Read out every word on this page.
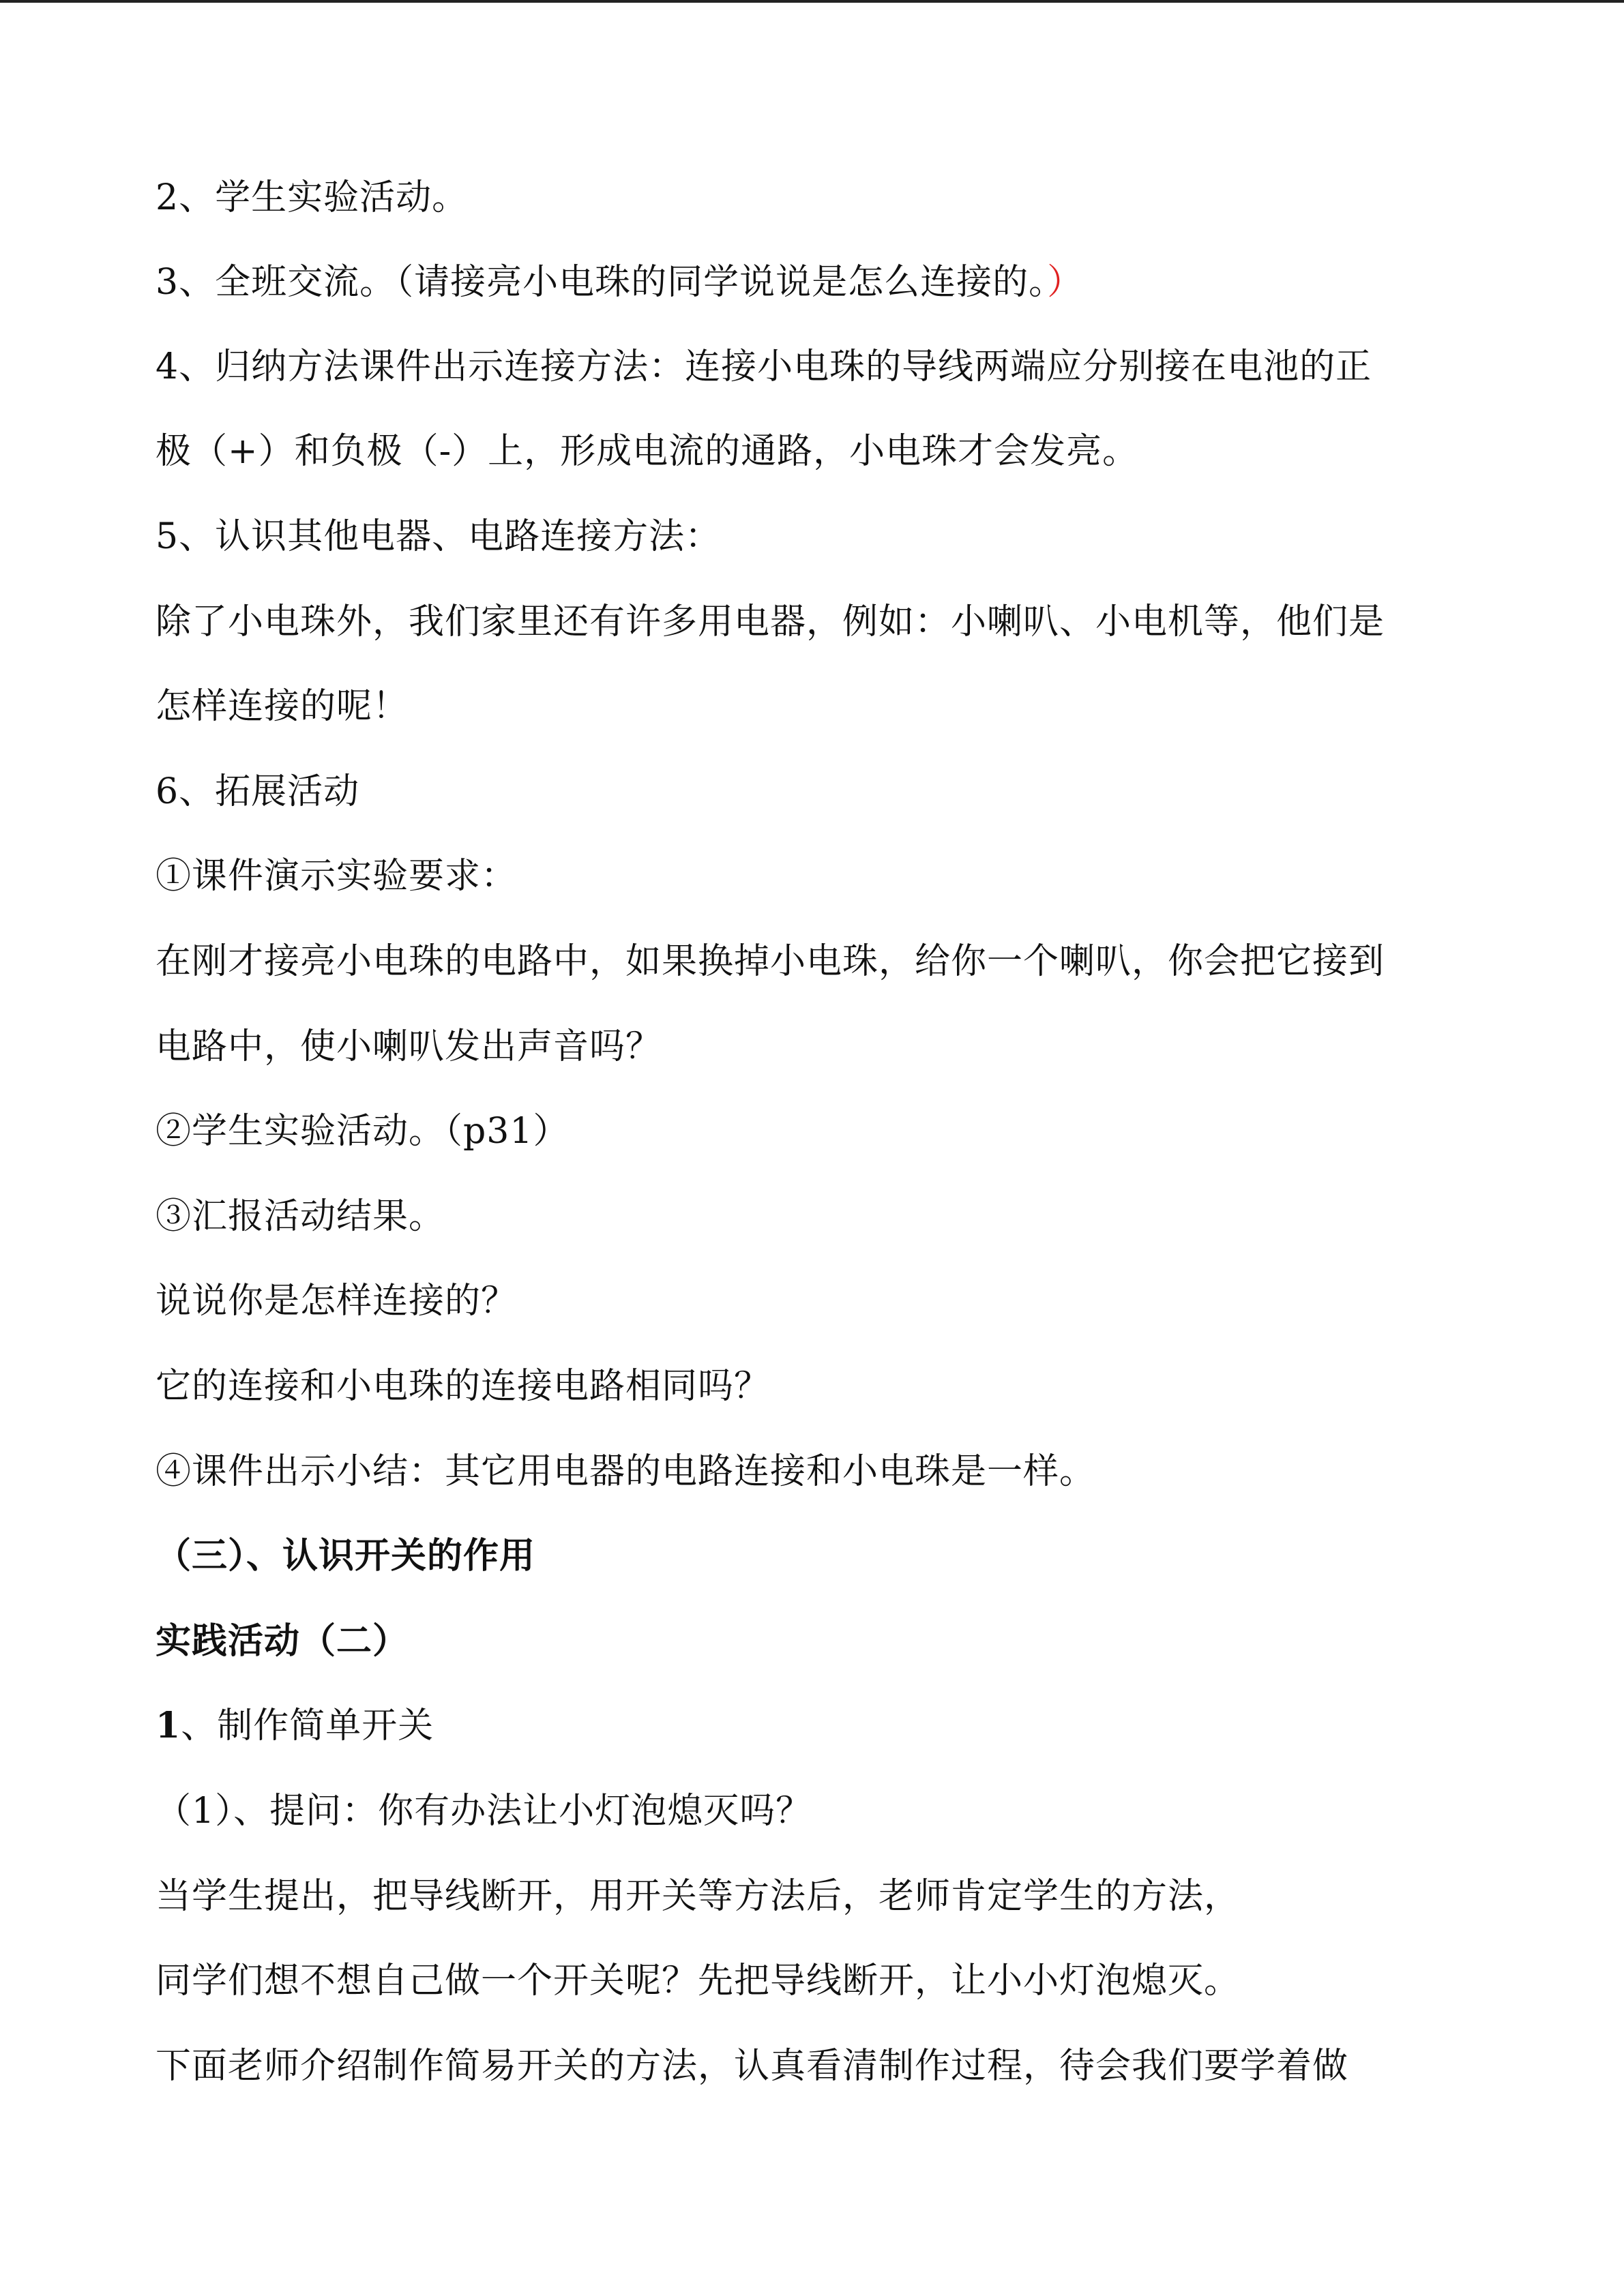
2、学生实验活动。
3、全班交流。（请接亮小电珠的同学说说是怎么连接的。）
4、归纳方法课件出示连接方法：连接小电珠的导线两端应分别接在电池的正
极（+）和负极（-）上，形成电流的通路，小电珠才会发亮。
5、认识其他电器、电路连接方法：
除了小电珠外，我们家里还有许多用电器，例如：小喇叭、小电机等，他们是
怎样连接的呢！
6、拓展活动
①课件演示实验要求：
在刚才接亮小电珠的电路中，如果换掉小电珠，给你一个喇叭，你会把它接到
电路中，使小喇叭发出声音吗？
②学生实验活动。（p31）
③汇报活动结果。
说说你是怎样连接的？
它的连接和小电珠的连接电路相同吗？
④课件出示小结：其它用电器的电路连接和小电珠是一样。
（三）、认识开关的作用
实践活动（二）
1、制作简单开关
（1）、提问：你有办法让小灯泡熄灭吗？
当学生提出，把导线断开，用开关等方法后，老师肯定学生的方法，
同学们想不想自己做一个开关呢？先把导线断开，让小小灯泡熄灭。
下面老师介绍制作简易开关的方法，认真看清制作过程，待会我们要学着做
